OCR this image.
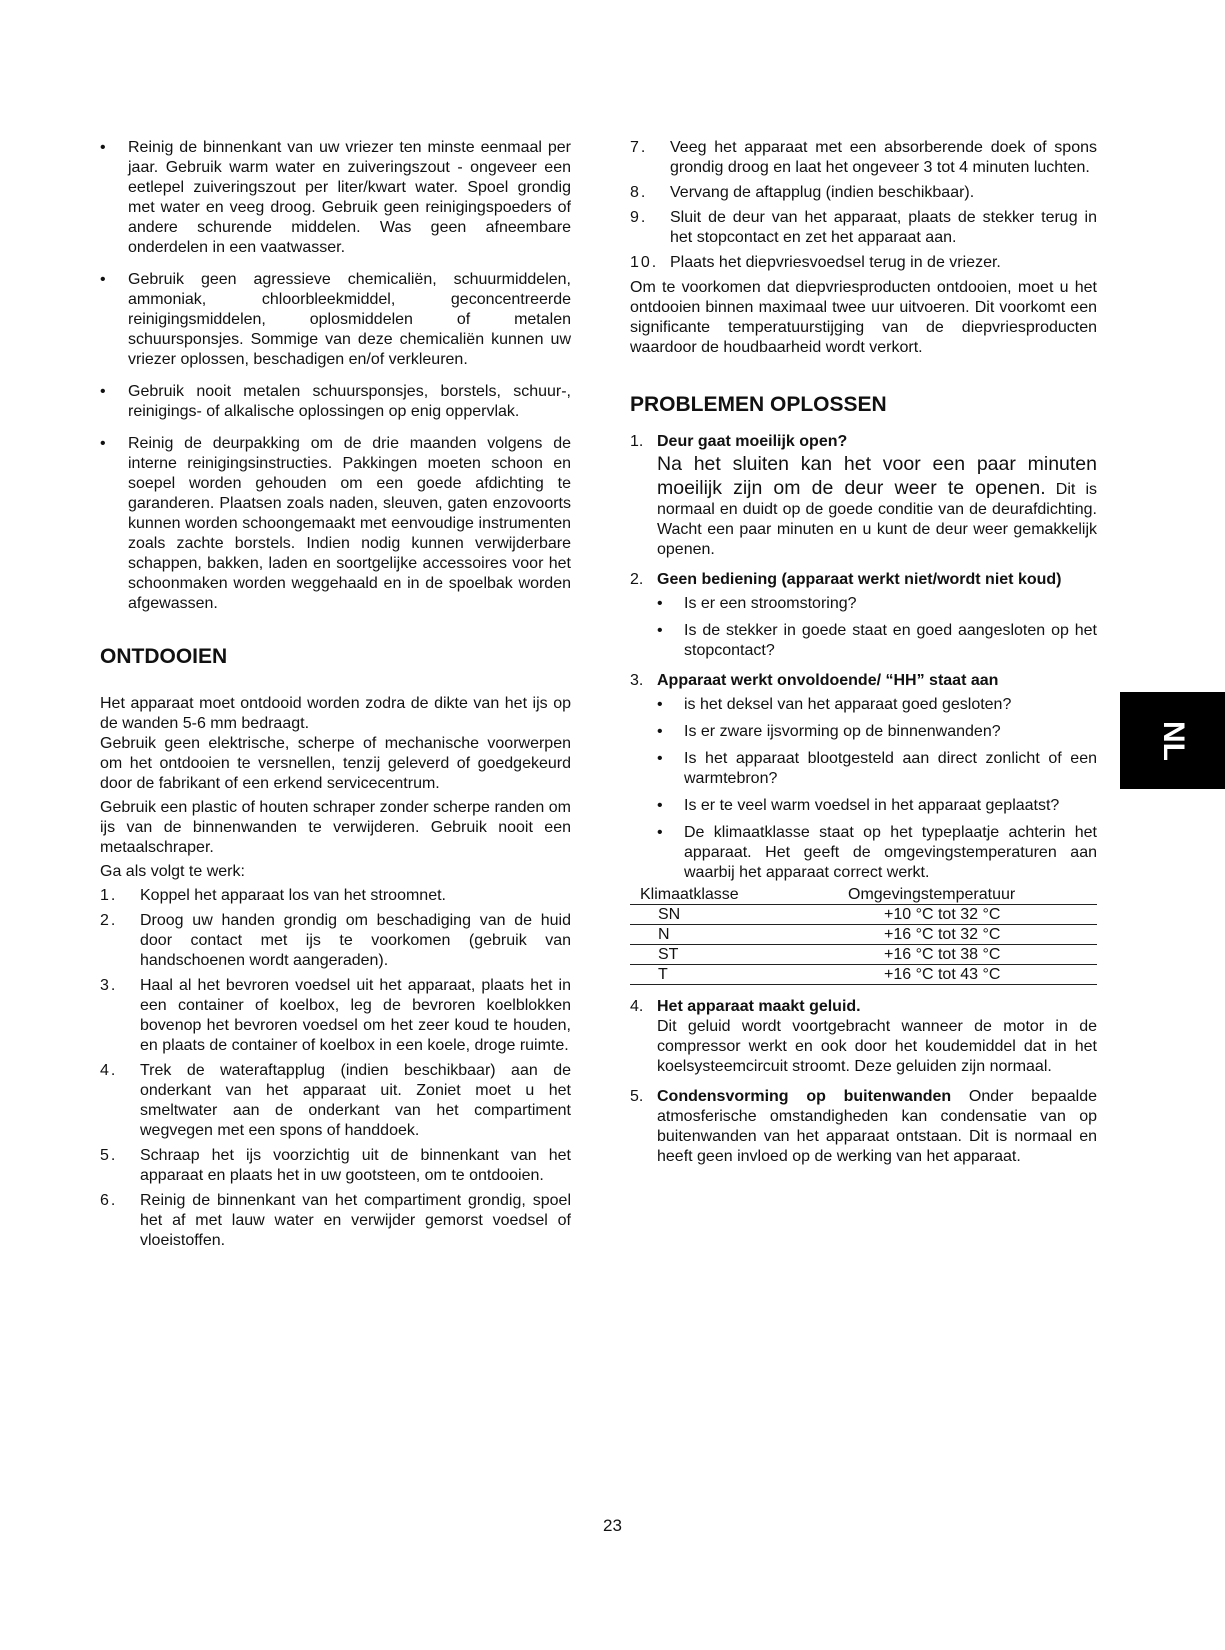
• Reinig de binnenkant van uw vriezer ten minste eenmaal per jaar. Gebruik warm water en zuiveringszout - ongeveer een eetlepel zuiveringszout per liter/kwart water. Spoel grondig met water en veeg droog. Gebruik geen reinigingspoeders of andere schurende middelen. Was geen afneembare onderdelen in een vaatwasser.
• Gebruik geen agressieve chemicaliën, schuurmiddelen, ammoniak, chloorbleekmiddel, geconcentreerde reinigingsmiddelen, oplosmiddelen of metalen schuursponsjes. Sommige van deze chemicaliën kunnen uw vriezer oplossen, beschadigen en/of verkleuren.
• Gebruik nooit metalen schuursponsjes, borstels, schuur-, reinigings- of alkalische oplossingen op enig oppervlak.
• Reinig de deurpakking om de drie maanden volgens de interne reinigingsinstructies. Pakkingen moeten schoon en soepel worden gehouden om een goede afdichting te garanderen. Plaatsen zoals naden, sleuven, gaten enzovoorts kunnen worden schoongemaakt met eenvoudige instrumenten zoals zachte borstels. Indien nodig kunnen verwijderbare schappen, bakken, laden en soortgelijke accessoires voor het schoonmaken worden weggehaald en in de spoelbak worden afgewassen.
ONTDOOIEN

Het apparaat moet ontdooid worden zodra de dikte van het ijs op de wanden 5-6 mm bedraagt.

Gebruik geen elektrische, scherpe of mechanische voorwerpen om het ontdooien te versnellen, tenzij geleverd of goedgekeurd door de fabrikant of een erkend servicecentrum.

Gebruik een plastic of houten schraper zonder scherpe randen om ijs van de binnenwanden te verwijderen. Gebruik nooit een metaalschraper.

Ga als volgt te werk:

1. Koppel het apparaat los van het stroomnet.
2. Droog uw handen grondig om beschadiging van de huid door contact met ijs te voorkomen (gebruik van handschoenen wordt aangeraden).
3. Haal al het bevroren voedsel uit het apparaat, plaats het in een container of koelbox, leg de bevroren koelblokken bovenop het bevroren voedsel om het zeer koud te houden, en plaats de container of koelbox in een koele, droge ruimte.
4. Trek de wateraftapplug (indien beschikbaar) aan de onderkant van het apparaat uit. Zoniet moet u het smeltwater aan de onderkant van het compartiment wegvegen met een spons of handdoek.
5. Schraap het ijs voorzichtig uit de binnenkant van het apparaat en plaats het in uw gootsteen, om te ontdooien.
6. Reinig de binnenkant van het compartiment grondig, spoel het af met lauw water en verwijder gemorst voedsel of vloeistoffen.
7. Veeg het apparaat met een absorberende doek of spons grondig droog en laat het ongeveer 3 tot 4 minuten luchten.
8. Vervang de aftapplug (indien beschikbaar).
9. Sluit de deur van het apparaat, plaats de stekker terug in het stopcontact en zet het apparaat aan.
10. Plaats het diepvriesvoedsel terug in de vriezer.

Om te voorkomen dat diepvriesproducten ontdooien, moet u het ontdooien binnen maximaal twee uur uitvoeren. Dit voorkomt een significante temperatuurstijging van de diepvriesproducten waardoor de houdbaarheid wordt verkort.

PROBLEMEN OPLOSSEN
1. Deur gaat moeilijk open?
Na het sluiten kan het voor een paar minuten moeilijk zijn om de deur weer te openen. Dit is normaal en duidt op de goede conditie van de deurafdichting. Wacht een paar minuten en u kunt de deur weer gemakkelijk openen.
2. Geen bediening (apparaat werkt niet/wordt niet koud)
• Is er een stroomstoring?
• Is de stekker in goede staat en goed aangesloten op het stopcontact?
3. Apparaat werkt onvoldoende/ “HH” staat aan
• is het deksel van het apparaat goed gesloten?
• Is er zware ijsvorming op de binnenwanden?
• Is het apparaat blootgesteld aan direct zonlicht of een warmtebron?
• Is er te veel warm voedsel in het apparaat geplaatst?
• De klimaatklasse staat op het typeplaatje achterin het apparaat. Het geeft de omgevingstemperaturen aan waarbij het apparaat correct werkt.
Klimaatklasse	Omgevingstemperatuur
SN	+10 °C tot 32 °C
N	+16 °C tot 32 °C
ST	+16 °C tot 38 °C
T	+16 °C tot 43 °C
4. Het apparaat maakt geluid.
Dit geluid wordt voortgebracht wanneer de motor in de compressor werkt en ook door het koudemiddel dat in het koelsysteemcircuit stroomt. Deze geluiden zijn normaal.
5. Condensvorming op buitenwanden Onder bepaalde atmosferische omstandigheden kan condensatie van op buitenwanden van het apparaat ontstaan. Dit is normaal en heeft geen invloed op de werking van het apparaat.
23
NL
